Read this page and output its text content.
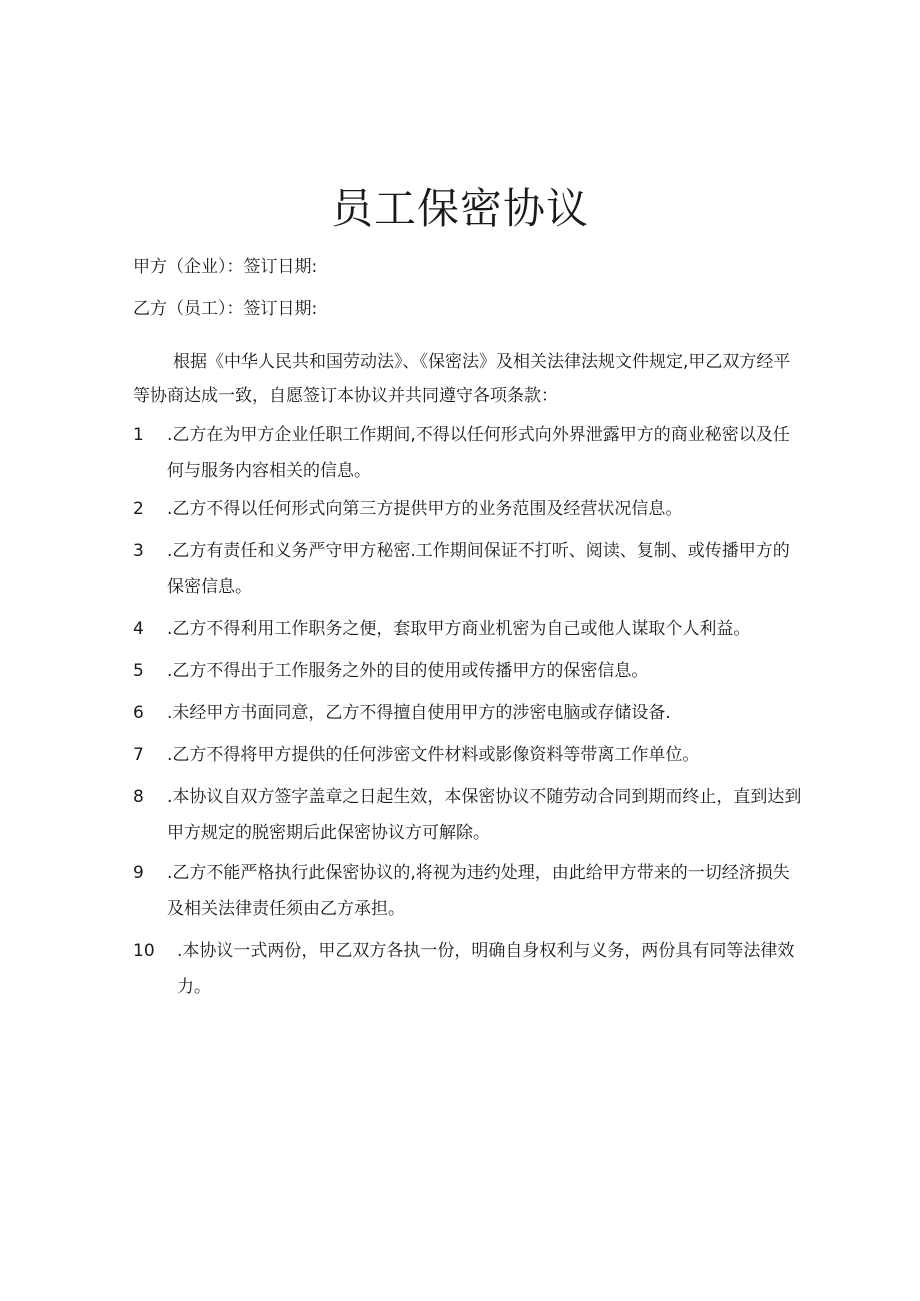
员工保密协议
甲方（企业）：签订日期:
乙方（员工）：签订日期:

根据《中华人民共和国劳动法》、《保密法》及相关法律法规文件规定,甲乙双方经平等协商达成一致，自愿签订本协议并共同遵守各项条款：

1	.乙方在为甲方企业任职工作期间,不得以任何形式向外界泄露甲方的商业秘密以及任何与服务内容相关的信息。
2	.乙方不得以任何形式向第三方提供甲方的业务范围及经营状况信息。
3	.乙方有责任和义务严守甲方秘密.工作期间保证不打听、阅读、复制、或传播甲方的保密信息。
4	.乙方不得利用工作职务之便，套取甲方商业机密为自己或他人谋取个人利益。
5	.乙方不得出于工作服务之外的目的使用或传播甲方的保密信息。
6	.未经甲方书面同意，乙方不得擅自使用甲方的涉密电脑或存储设备.
7	.乙方不得将甲方提供的任何涉密文件材料或影像资料等带离工作单位。
8	.本协议自双方签字盖章之日起生效，本保密协议不随劳动合同到期而终止，直到达到甲方规定的脱密期后此保密协议方可解除。
9	.乙方不能严格执行此保密协议的,将视为违约处理，由此给甲方带来的一切经济损失及相关法律责任须由乙方承担。
10	.本协议一式两份，甲乙双方各执一份，明确自身权利与义务，两份具有同等法律效力。
